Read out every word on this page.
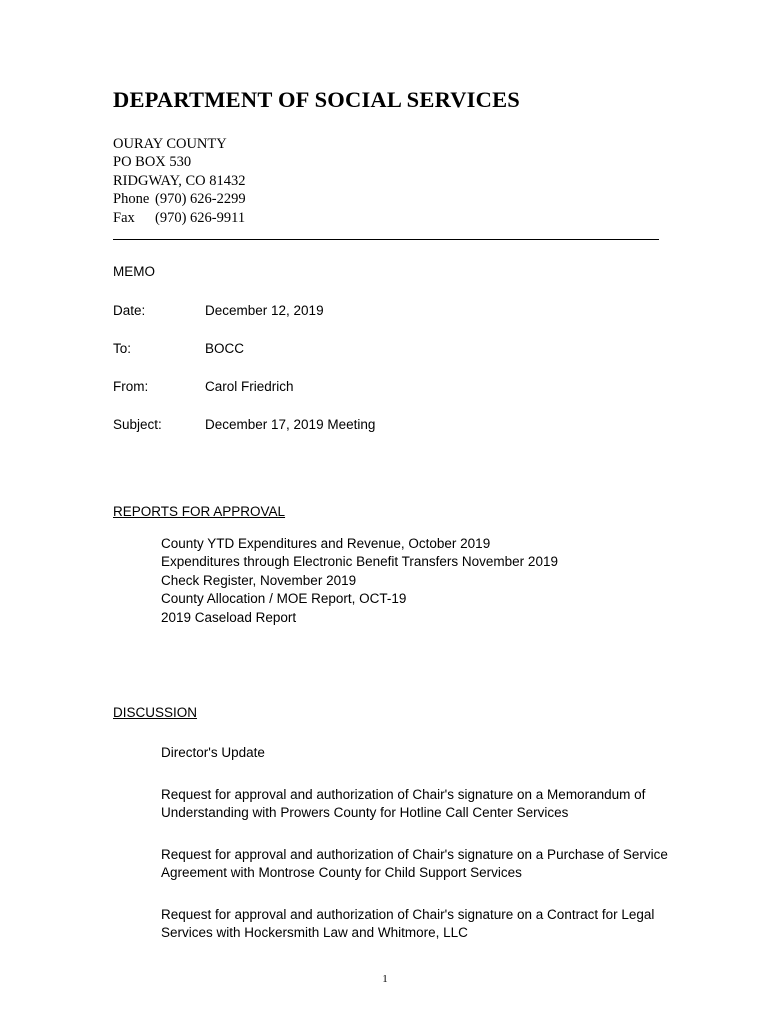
DEPARTMENT OF SOCIAL SERVICES
OURAY COUNTY
PO BOX 530
RIDGWAY, CO 81432
Phone (970) 626-2299
Fax	(970) 626-9911
MEMO
Date:	December 12, 2019
To:	BOCC
From:	Carol Friedrich
Subject:	December 17, 2019 Meeting
REPORTS FOR APPROVAL
County YTD Expenditures and Revenue, October 2019
Expenditures through Electronic Benefit Transfers November 2019
Check Register, November 2019
County Allocation / MOE Report, OCT-19
2019 Caseload Report
DISCUSSION

Director's Update

Request for approval and authorization of Chair's signature on a Memorandum of Understanding with Prowers County for Hotline Call Center Services

Request for approval and authorization of Chair's signature on a Purchase of Service Agreement with Montrose County for Child Support Services

Request for approval and authorization of Chair's signature on a Contract for Legal Services with Hockersmith Law and Whitmore, LLC

1
